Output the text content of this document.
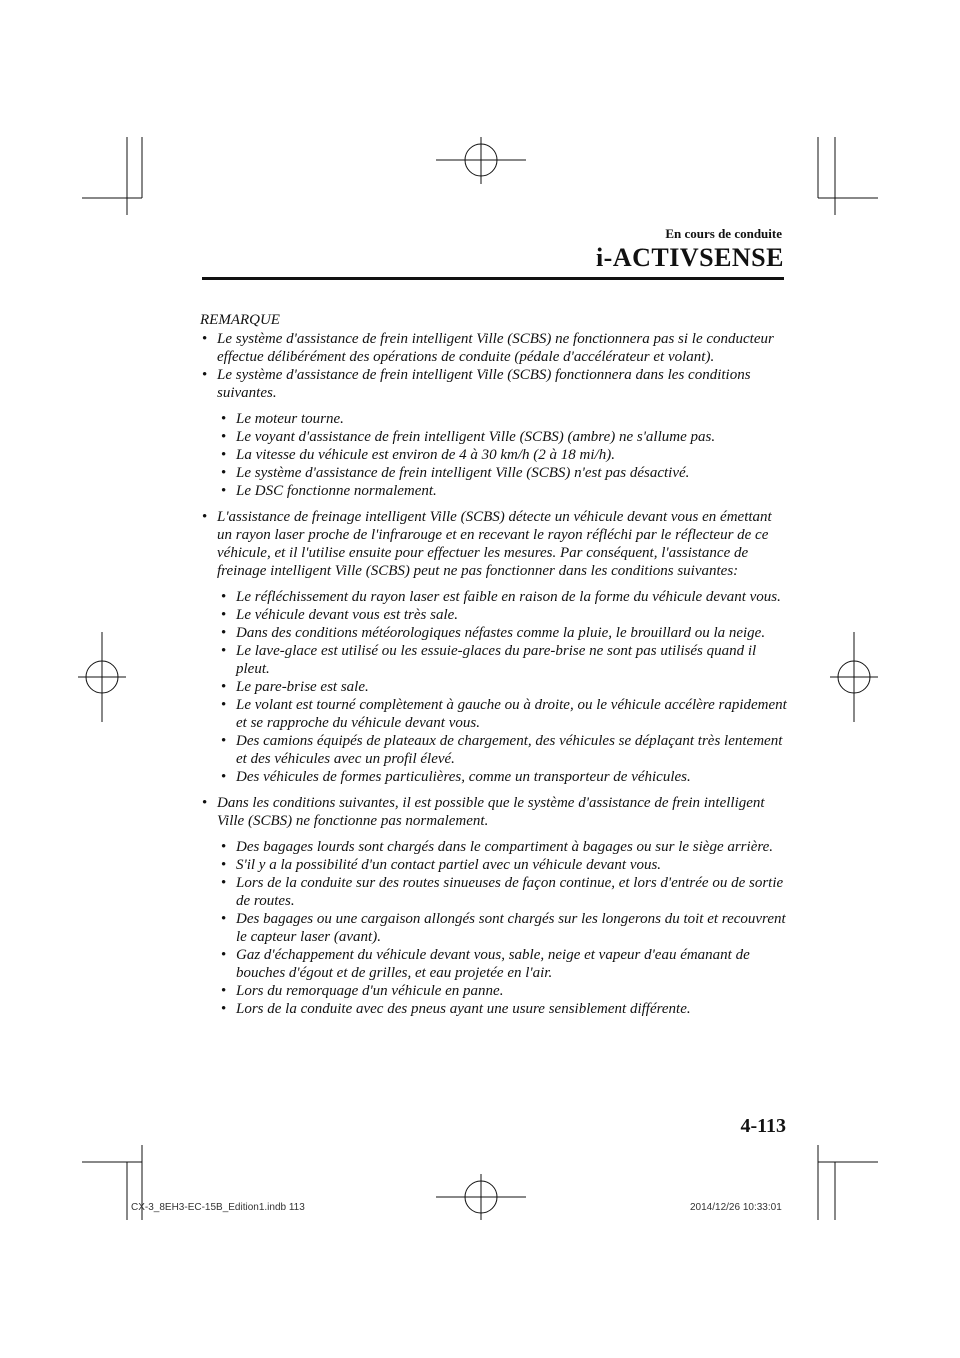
En cours de conduite
i-ACTIVSENSE
REMARQUE
• Le système d'assistance de frein intelligent Ville (SCBS) ne fonctionnera pas si le conducteur effectue délibérément des opérations de conduite (pédale d'accélérateur et volant).
• Le système d'assistance de frein intelligent Ville (SCBS) fonctionnera dans les conditions suivantes.
• Le moteur tourne.
• Le voyant d'assistance de frein intelligent Ville (SCBS) (ambre) ne s'allume pas.
• La vitesse du véhicule est environ de 4 à 30 km/h (2 à 18 mi/h).
• Le système d'assistance de frein intelligent Ville (SCBS) n'est pas désactivé.
• Le DSC fonctionne normalement.
• L'assistance de freinage intelligent Ville (SCBS) détecte un véhicule devant vous en émettant un rayon laser proche de l'infrarouge et en recevant le rayon réfléchi par le réflecteur de ce véhicule, et il l'utilise ensuite pour effectuer les mesures. Par conséquent, l'assistance de freinage intelligent Ville (SCBS) peut ne pas fonctionner dans les conditions suivantes:
• Le réfléchissement du rayon laser est faible en raison de la forme du véhicule devant vous.
• Le véhicule devant vous est très sale.
• Dans des conditions météorologiques néfastes comme la pluie, le brouillard ou la neige.
• Le lave-glace est utilisé ou les essuie-glaces du pare-brise ne sont pas utilisés quand il pleut.
• Le pare-brise est sale.
• Le volant est tourné complètement à gauche ou à droite, ou le véhicule accélère rapidement et se rapproche du véhicule devant vous.
• Des camions équipés de plateaux de chargement, des véhicules se déplaçant très lentement et des véhicules avec un profil élevé.
• Des véhicules de formes particulières, comme un transporteur de véhicules.
• Dans les conditions suivantes, il est possible que le système d'assistance de frein intelligent Ville (SCBS) ne fonctionne pas normalement.
• Des bagages lourds sont chargés dans le compartiment à bagages ou sur le siège arrière.
• S'il y a la possibilité d'un contact partiel avec un véhicule devant vous.
• Lors de la conduite sur des routes sinueuses de façon continue, et lors d'entrée ou de sortie de routes.
• Des bagages ou une cargaison allongés sont chargés sur les longerons du toit et recouvrent le capteur laser (avant).
• Gaz d'échappement du véhicule devant vous, sable, neige et vapeur d'eau émanant de bouches d'égout et de grilles, et eau projetée en l'air.
• Lors du remorquage d'un véhicule en panne.
• Lors de la conduite avec des pneus ayant une usure sensiblement différente.
4-113
CX-3_8EH3-EC-15B_Edition1.indb 113	2014/12/26 10:33:01
